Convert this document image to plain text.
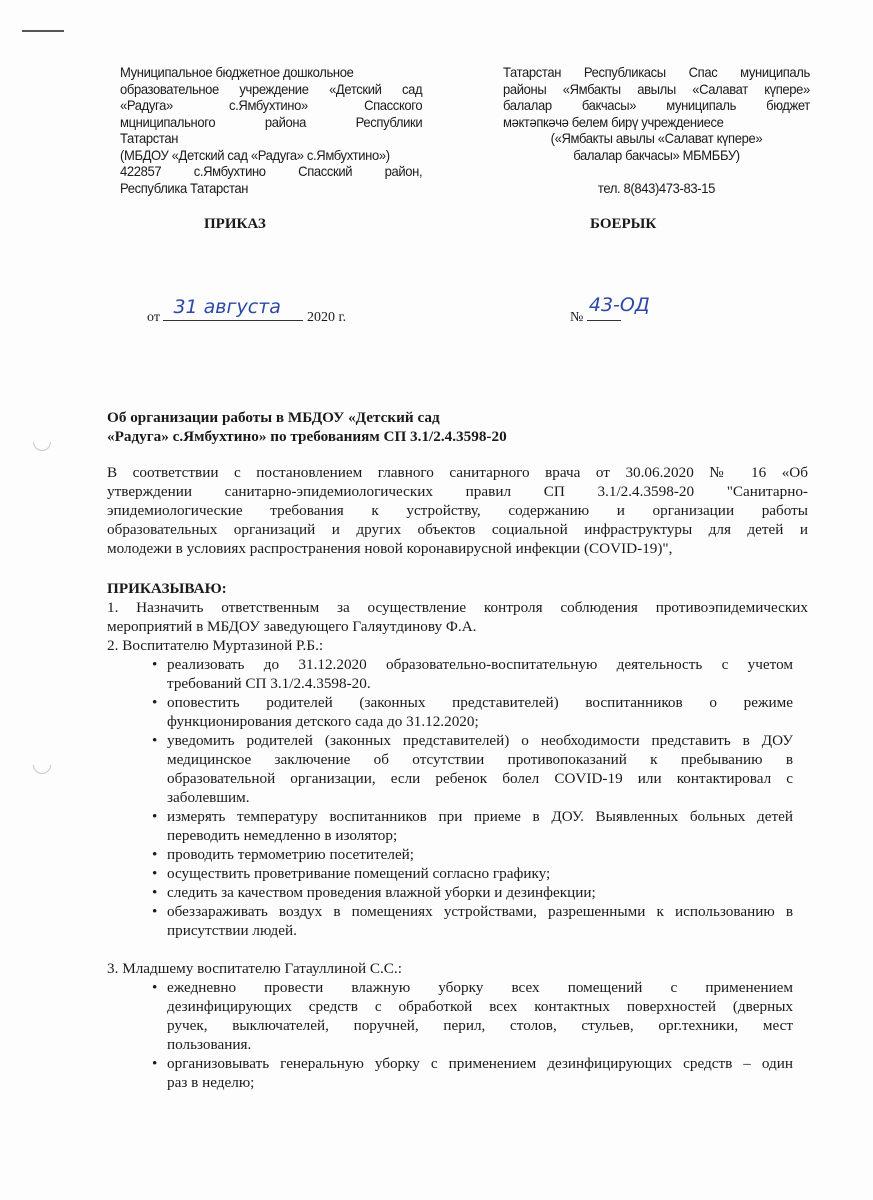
Муниципальное бюджетное дошкольное
образовательное учреждение «Детский сад
«Радуга» с.Ямбухтино» Спасского
мцниципального района Республики
Татарстан
(МБДОУ «Детский сад «Радуга» с.Ямбухтино»)
422857 с.Ямбухтино Спасский район,
Республика Татарстан
Татарстан Республикасы Спас муниципаль
районы «Ямбакты авылы «Салават күпере»
балалар бакчасы» муниципаль бюджет
мәктәпкәчә белем бирү учреждениесе
(«Ямбакты авылы «Салават күпере»
балалар бакчасы» МБМББУ)
тел. 8(843)473-83-15
ПРИКАЗ	БОЕРЫК
от 31 августа 2020 г.	№
43-ОД
Об организации работы в МБДОУ «Детский сад
«Радуга» с.Ямбухтино» по требованиям СП 3.1/2.4.3598-20
В соответствии с постановлением главного санитарного врача от 30.06.2020 № 16 «Об
утверждении санитарно-эпидемиологических правил СП 3.1/2.4.3598-20 "Санитарно-
эпидемиологические требования к устройству, содержанию и организации работы
образовательных организаций и других объектов социальной инфраструктуры для детей и
молодежи в условиях распространения новой коронавирусной инфекции (COVID-19)",
ПРИКАЗЫВАЮ:
1. Назначить ответственным за осуществление контроля соблюдения противоэпидемических
мероприятий в МБДОУ заведующего Галяутдинову Ф.А.
2. Воспитателю Муртазиной Р.Б.:
• реализовать до 31.12.2020 образовательно-воспитательную деятельность с учетом
требований СП 3.1/2.4.3598-20.
• оповестить родителей (законных представителей) воспитанников о режиме
функционирования детского сада до 31.12.2020;
• уведомить родителей (законных представителей) о необходимости представить в ДОУ
медицинское заключение об отсутствии противопоказаний к пребыванию в
образовательной организации, если ребенок болел COVID-19 или контактировал с
заболевшим.
• измерять температуру воспитанников при приеме в ДОУ. Выявленных больных детей
переводить немедленно в изолятор;
• проводить термометрию посетителей;
• осуществить проветривание помещений согласно графику;
• следить за качеством проведения влажной уборки и дезинфекции;
• обеззараживать воздух в помещениях устройствами, разрешенными к использованию в
присутствии людей.
3. Младшему воспитателю Гатауллиной С.С.:
• ежедневно провести влажную уборку всех помещений с применением
дезинфицирующих средств с обработкой всех контактных поверхностей (дверных
ручек, выключателей, поручней, перил, столов, стульев, орг.техники, мест
пользования.
• организовывать генеральную уборку с применением дезинфицирующих средств – один
раз в неделю;
